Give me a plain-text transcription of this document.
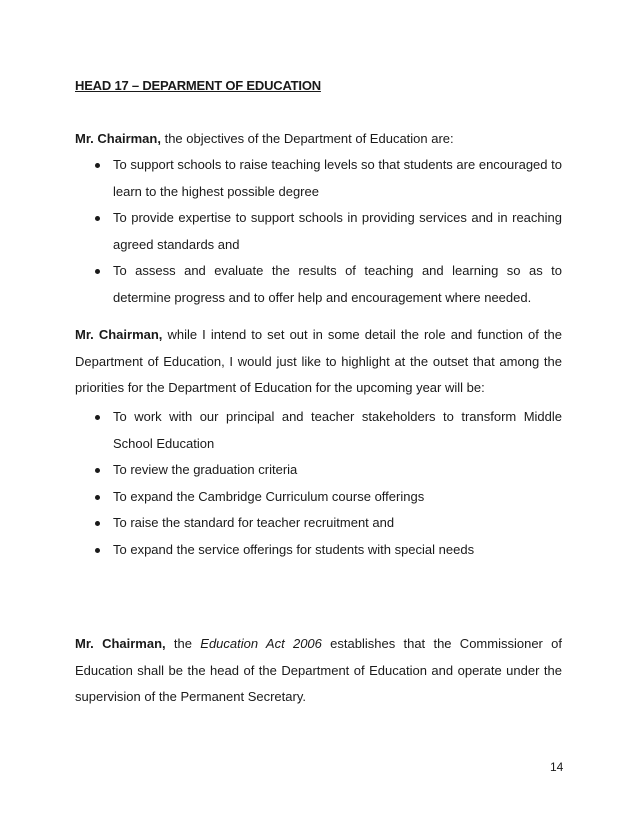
HEAD 17 – DEPARMENT OF EDUCATION
Mr. Chairman, the objectives of the Department of Education are:
To support schools to raise teaching levels so that students are encouraged to learn to the highest possible degree
To provide expertise to support schools in providing services and in reaching agreed standards and
To assess and evaluate the results of teaching and learning so as to determine progress and to offer help and encouragement where needed.
Mr. Chairman, while I intend to set out in some detail the role and function of the Department of Education, I would just like to highlight at the outset that among the priorities for the Department of Education for the upcoming year will be:
To work with our principal and teacher stakeholders to transform Middle School Education
To review the graduation criteria
To expand the Cambridge Curriculum course offerings
To raise the standard for teacher recruitment and
To expand the service offerings for students with special needs
Mr. Chairman, the Education Act 2006 establishes that the Commissioner of Education shall be the head of the Department of Education and operate under the supervision of the Permanent Secretary.
14
